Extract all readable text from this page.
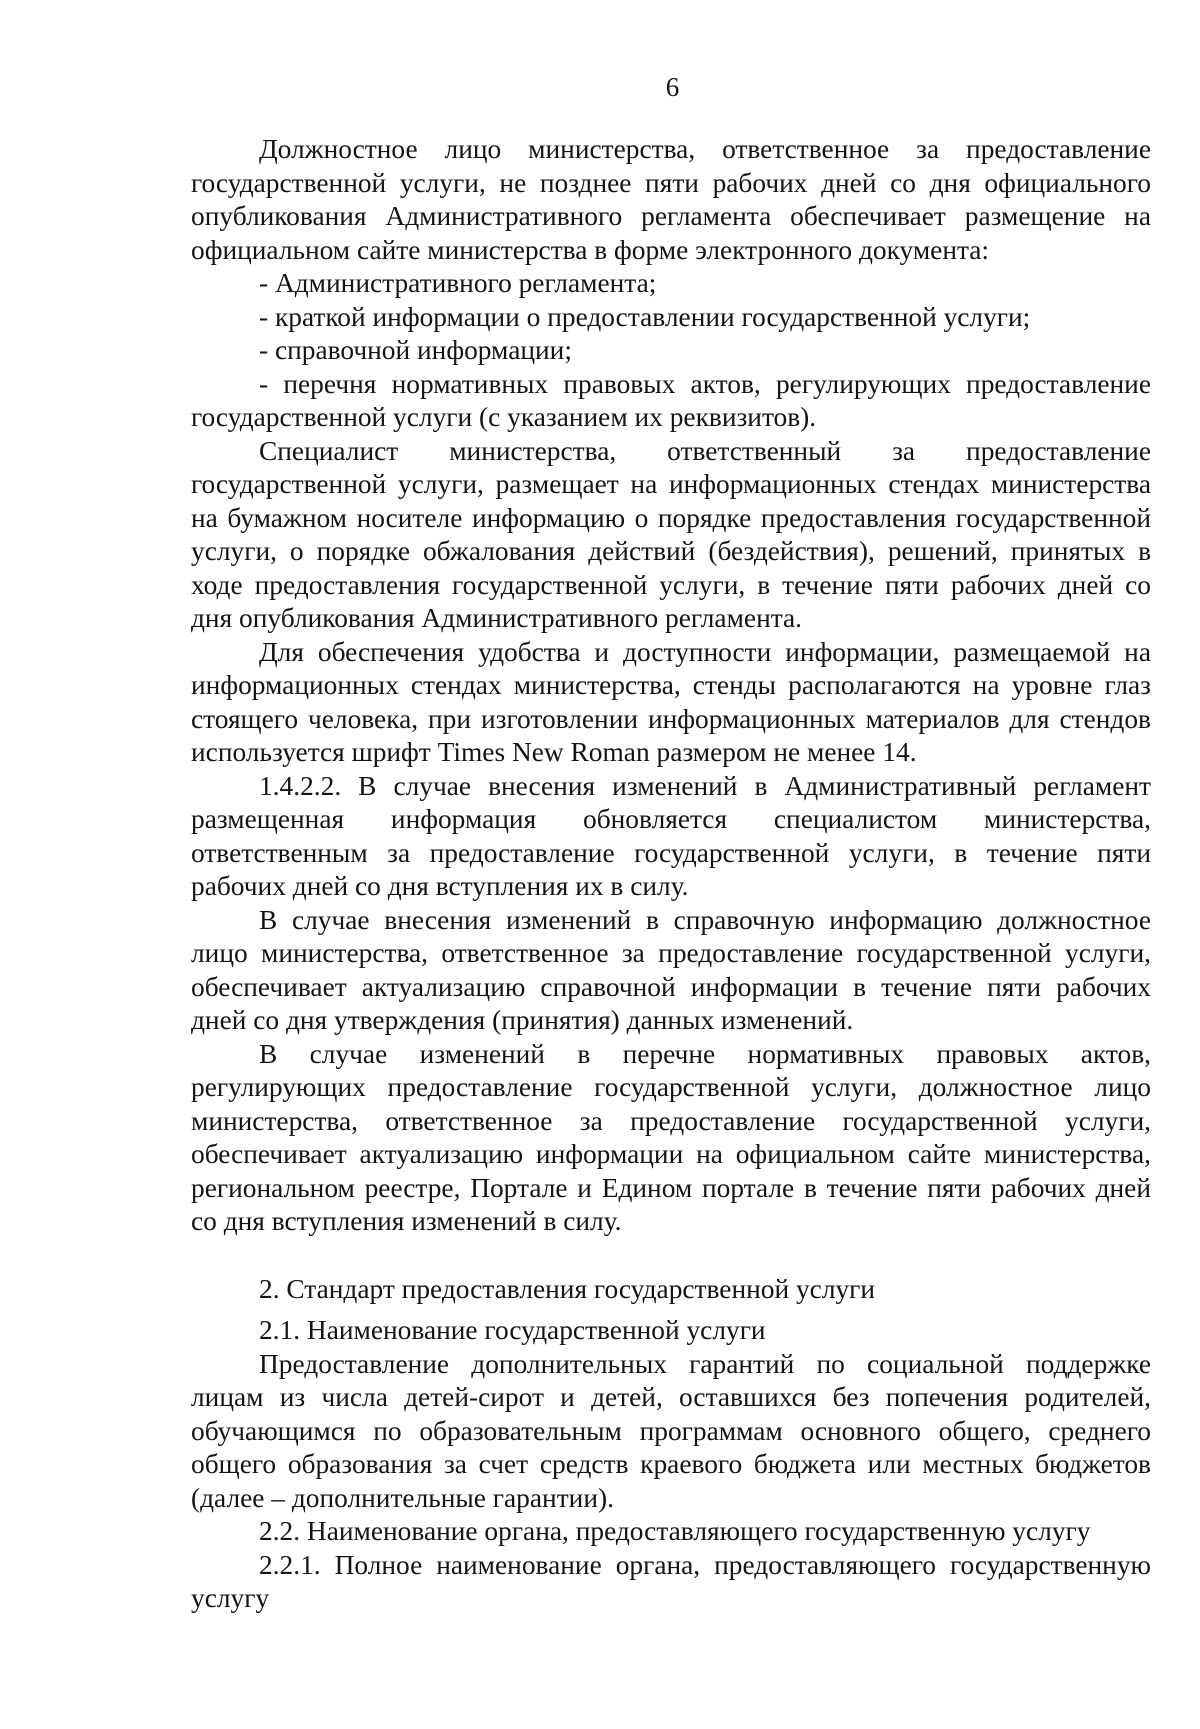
6

Должностное лицо министерства, ответственное за предоставление государственной услуги, не позднее пяти рабочих дней со дня официального опубликования Административного регламента обеспечивает размещение на официальном сайте министерства в форме электронного документа:

- Административного регламента;

- краткой информации о предоставлении государственной услуги;

- справочной информации;

- перечня нормативных правовых актов, регулирующих предоставление государственной услуги (с указанием их реквизитов).

Специалист министерства, ответственный за предоставление государственной услуги, размещает на информационных стендах министерства на бумажном носителе информацию о порядке предоставления государственной услуги, о порядке обжалования действий (бездействия), решений, принятых в ходе предоставления государственной услуги, в течение пяти рабочих дней со дня опубликования Административного регламента.

Для обеспечения удобства и доступности информации, размещаемой на информационных стендах министерства, стенды располагаются на уровне глаз стоящего человека, при изготовлении информационных материалов для стендов используется шрифт Times New Roman размером не менее 14.

1.4.2.2. В случае внесения изменений в Административный регламент размещенная информация обновляется специалистом министерства, ответственным за предоставление государственной услуги, в течение пяти рабочих дней со дня вступления их в силу.

В случае внесения изменений в справочную информацию должностное лицо министерства, ответственное за предоставление государственной услуги, обеспечивает актуализацию справочной информации в течение пяти рабочих дней со дня утверждения (принятия) данных изменений.

В случае изменений в перечне нормативных правовых актов, регулирующих предоставление государственной услуги, должностное лицо министерства, ответственное за предоставление государственной услуги, обеспечивает актуализацию информации на официальном сайте министерства, региональном реестре, Портале и Едином портале в течение пяти рабочих дней со дня вступления изменений в силу.

2. Стандарт предоставления государственной услуги

2.1. Наименование государственной услуги

Предоставление дополнительных гарантий по социальной поддержке лицам из числа детей-сирот и детей, оставшихся без попечения родителей, обучающимся по образовательным программам основного общего, среднего общего образования за счет средств краевого бюджета или местных бюджетов (далее – дополнительные гарантии).

2.2. Наименование органа, предоставляющего государственную услугу

2.2.1. Полное наименование органа, предоставляющего государственную услугу
